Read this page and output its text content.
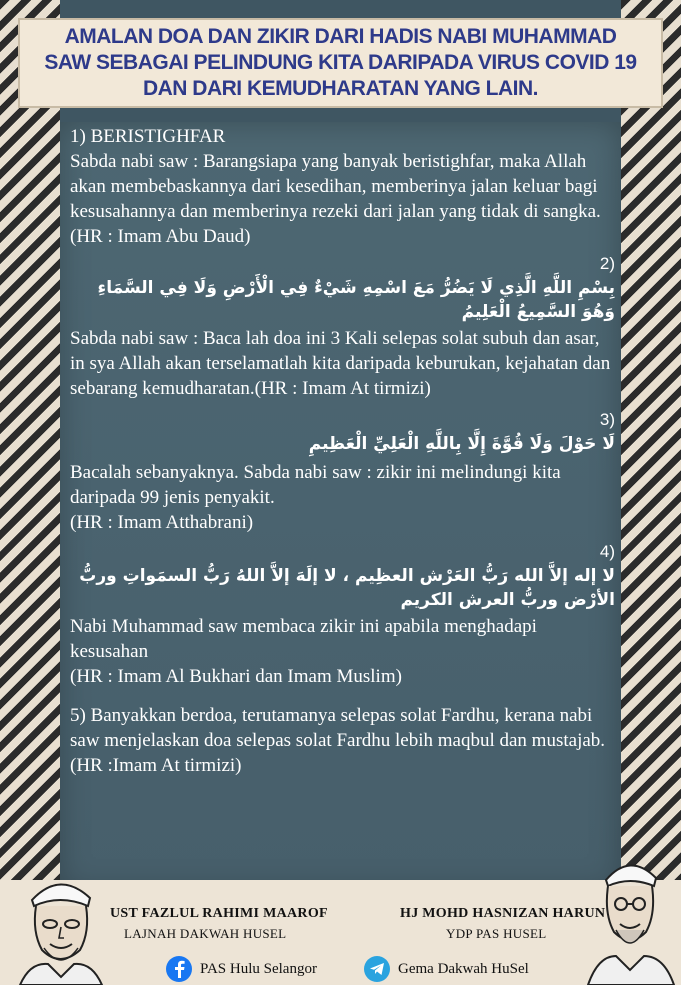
AMALAN DOA DAN ZIKIR DARI HADIS NABI MUHAMMAD
SAW SEBAGAI PELINDUNG KITA DARIPADA VIRUS COVID 19
DAN DARI KEMUDHARATAN YANG LAIN.

1) BERISTIGHFAR

Sabda nabi saw : Barangsiapa yang banyak beristighfar, maka Allah akan membebaskannya dari kesedihan, memberinya jalan keluar bagi kesusahannya dan memberinya rezeki dari jalan yang tidak di sangka. (HR : Imam Abu Daud)

2)

بِسْمِ اللَّهِ الَّذِي لَا يَضُرُّ مَعَ اسْمِهِ شَيْءٌ فِي الْأَرْضِ وَلَا فِي السَّمَاءِ وَهُوَ السَّمِيعُ الْعَلِيمُ

Sabda nabi saw : Baca lah doa ini 3 Kali selepas solat subuh dan asar, in sya Allah akan terselamatlah kita daripada keburukan, kejahatan dan sebarang kemudharatan.(HR : Imam At tirmizi)

3)

لَا حَوْلَ وَلَا قُوَّةَ إِلَّا بِاللَّهِ الْعَلِيِّ الْعَظِيمِ

Bacalah sebanyaknya. Sabda nabi saw : zikir ini melindungi kita daripada 99 jenis penyakit.

(HR : Imam Atthabrani)

4)

لا إله إلاَّ الله رَبُّ العَرْش العظِيم ، لا إلَهَ إلاَّ اللهُ رَبُّ السمَواتِ وربُّ الأرْض وربُّ العرش الكريم

Nabi Muhammad saw membaca zikir ini apabila menghadapi kesusahan

(HR : Imam Al Bukhari dan Imam Muslim)

5) Banyakkan berdoa, terutamanya selepas solat Fardhu, kerana nabi saw menjelaskan doa selepas solat Fardhu lebih maqbul dan mustajab. (HR :Imam At tirmizi)

UST FAZLUL RAHIMI MAAROF
LAJNAH DAKWAH HUSEL
HJ MOHD HASNIZAN HARUN
YDP PAS HUSEL
PAS Hulu Selangor	Gema Dakwah HuSel
